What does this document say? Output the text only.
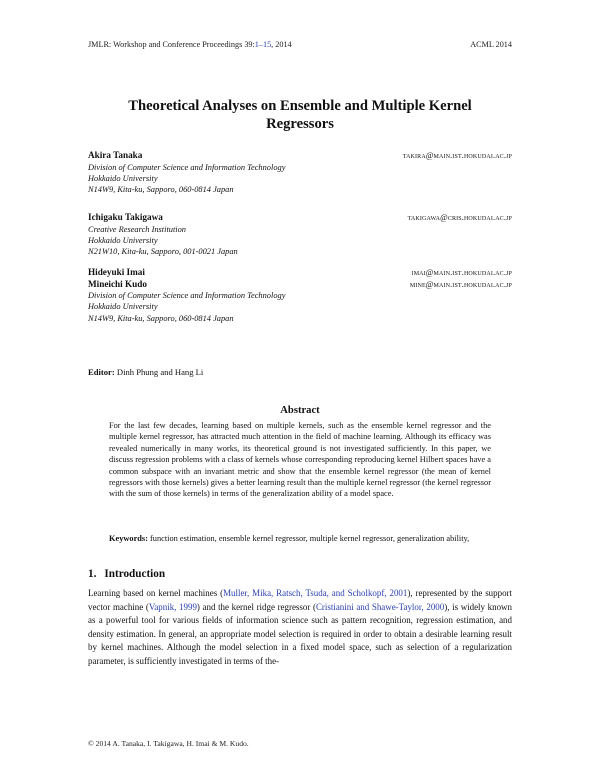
JMLR: Workshop and Conference Proceedings 39:1–15, 2014	ACML 2014
Theoretical Analyses on Ensemble and Multiple Kernel
Regressors
Akira Tanaka	takira@main.ist.hokudai.ac.jp
Division of Computer Science and Information Technology
Hokkaido University
N14W9, Kita-ku, Sapporo, 060-0814 Japan
Ichigaku Takigawa	takigawa@cris.hokudai.ac.jp
Creative Research Institution
Hokkaido University
N21W10, Kita-ku, Sapporo, 001-0021 Japan
Hideyuki Imai	imai@main.ist.hokudai.ac.jp
Mineichi Kudo	mine@main.ist.hokudai.ac.jp
Division of Computer Science and Information Technology
Hokkaido University
N14W9, Kita-ku, Sapporo, 060-0814 Japan
Editor: Dinh Phung and Hang Li
Abstract
For the last few decades, learning based on multiple kernels, such as the ensemble kernel regressor and the multiple kernel regressor, has attracted much attention in the field of machine learning. Although its efficacy was revealed numerically in many works, its theoretical ground is not investigated sufficiently. In this paper, we discuss regression problems with a class of kernels whose corresponding reproducing kernel Hilbert spaces have a common subspace with an invariant metric and show that the ensemble kernel regressor (the mean of kernel regressors with those kernels) gives a better learning result than the multiple kernel regressor (the kernel regressor with the sum of those kernels) in terms of the generalization ability of a model space.
Keywords: function estimation, ensemble kernel regressor, multiple kernel regressor, generalization ability,
1. Introduction
Learning based on kernel machines (Muller, Mika, Ratsch, Tsuda, and Scholkopf, 2001), represented by the support vector machine (Vapnik, 1999) and the kernel ridge regressor (Cristianini and Shawe-Taylor, 2000), is widely known as a powerful tool for various fields of information science such as pattern recognition, regression estimation, and density estimation. In general, an appropriate model selection is required in order to obtain a desirable learning result by kernel machines. Although the model selection in a fixed model space, such as selection of a regularization parameter, is sufficiently investigated in terms of the-
© 2014 A. Tanaka, I. Takigawa, H. Imai & M. Kudo.
